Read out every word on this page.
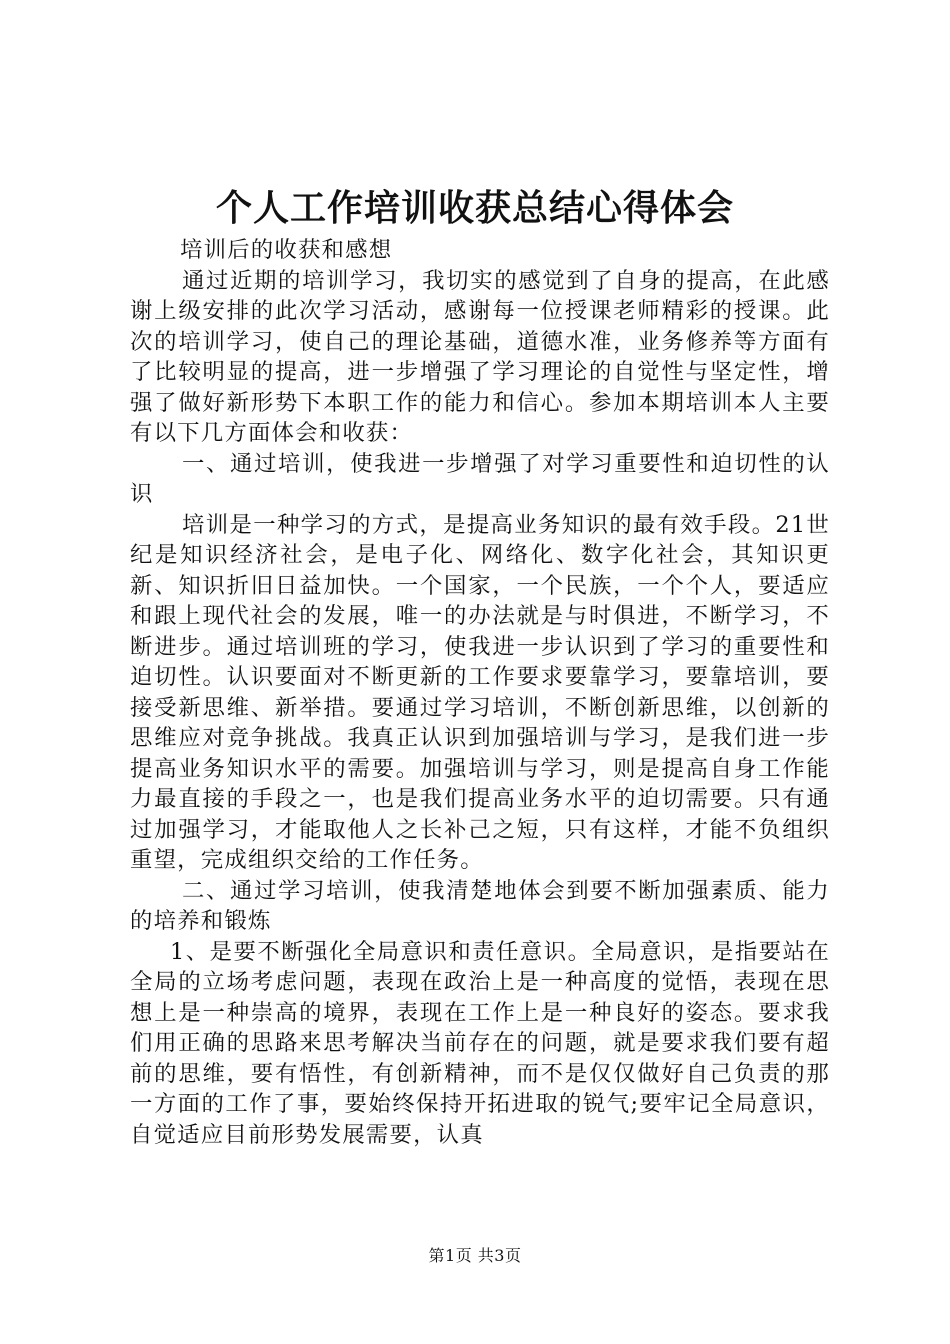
个人工作培训收获总结心得体会

培训后的收获和感想

通过近期的培训学习，我切实的感觉到了自身的提高，在此感谢上级安排的此次学习活动，感谢每一位授课老师精彩的授课。此次的培训学习，使自己的理论基础，道德水准，业务修养等方面有了比较明显的提高，进一步增强了学习理论的自觉性与坚定性，增强了做好新形势下本职工作的能力和信心。参加本期培训本人主要有以下几方面体会和收获：

一、通过培训，使我进一步增强了对学习重要性和迫切性的认识

培训是一种学习的方式，是提高业务知识的最有效手段。21世纪是知识经济社会，是电子化、网络化、数字化社会，其知识更新、知识折旧日益加快。一个国家，一个民族，一个个人，要适应和跟上现代社会的发展，唯一的办法就是与时俱进，不断学习，不断进步。通过培训班的学习，使我进一步认识到了学习的重要性和迫切性。认识要面对不断更新的工作要求要靠学习，要靠培训，要接受新思维、新举措。要通过学习培训，不断创新思维，以创新的思维应对竞争挑战。我真正认识到加强培训与学习，是我们进一步提高业务知识水平的需要。加强培训与学习，则是提高自身工作能力最直接的手段之一，也是我们提高业务水平的迫切需要。只有通过加强学习，才能取他人之长补己之短，只有这样，才能不负组织重望，完成组织交给的工作任务。

二、通过学习培训，使我清楚地体会到要不断加强素质、能力的培养和锻炼

1、是要不断强化全局意识和责任意识。全局意识，是指要站在全局的立场考虑问题，表现在政治上是一种高度的觉悟，表现在思想上是一种崇高的境界，表现在工作上是一种良好的姿态。要求我们用正确的思路来思考解决当前存在的问题，就是要求我们要有超前的思维，要有悟性，有创新精神，而不是仅仅做好自己负责的那一方面的工作了事，要始终保持开拓进取的锐气;要牢记全局意识，自觉适应目前形势发展需要，认真

第1页 共3页
